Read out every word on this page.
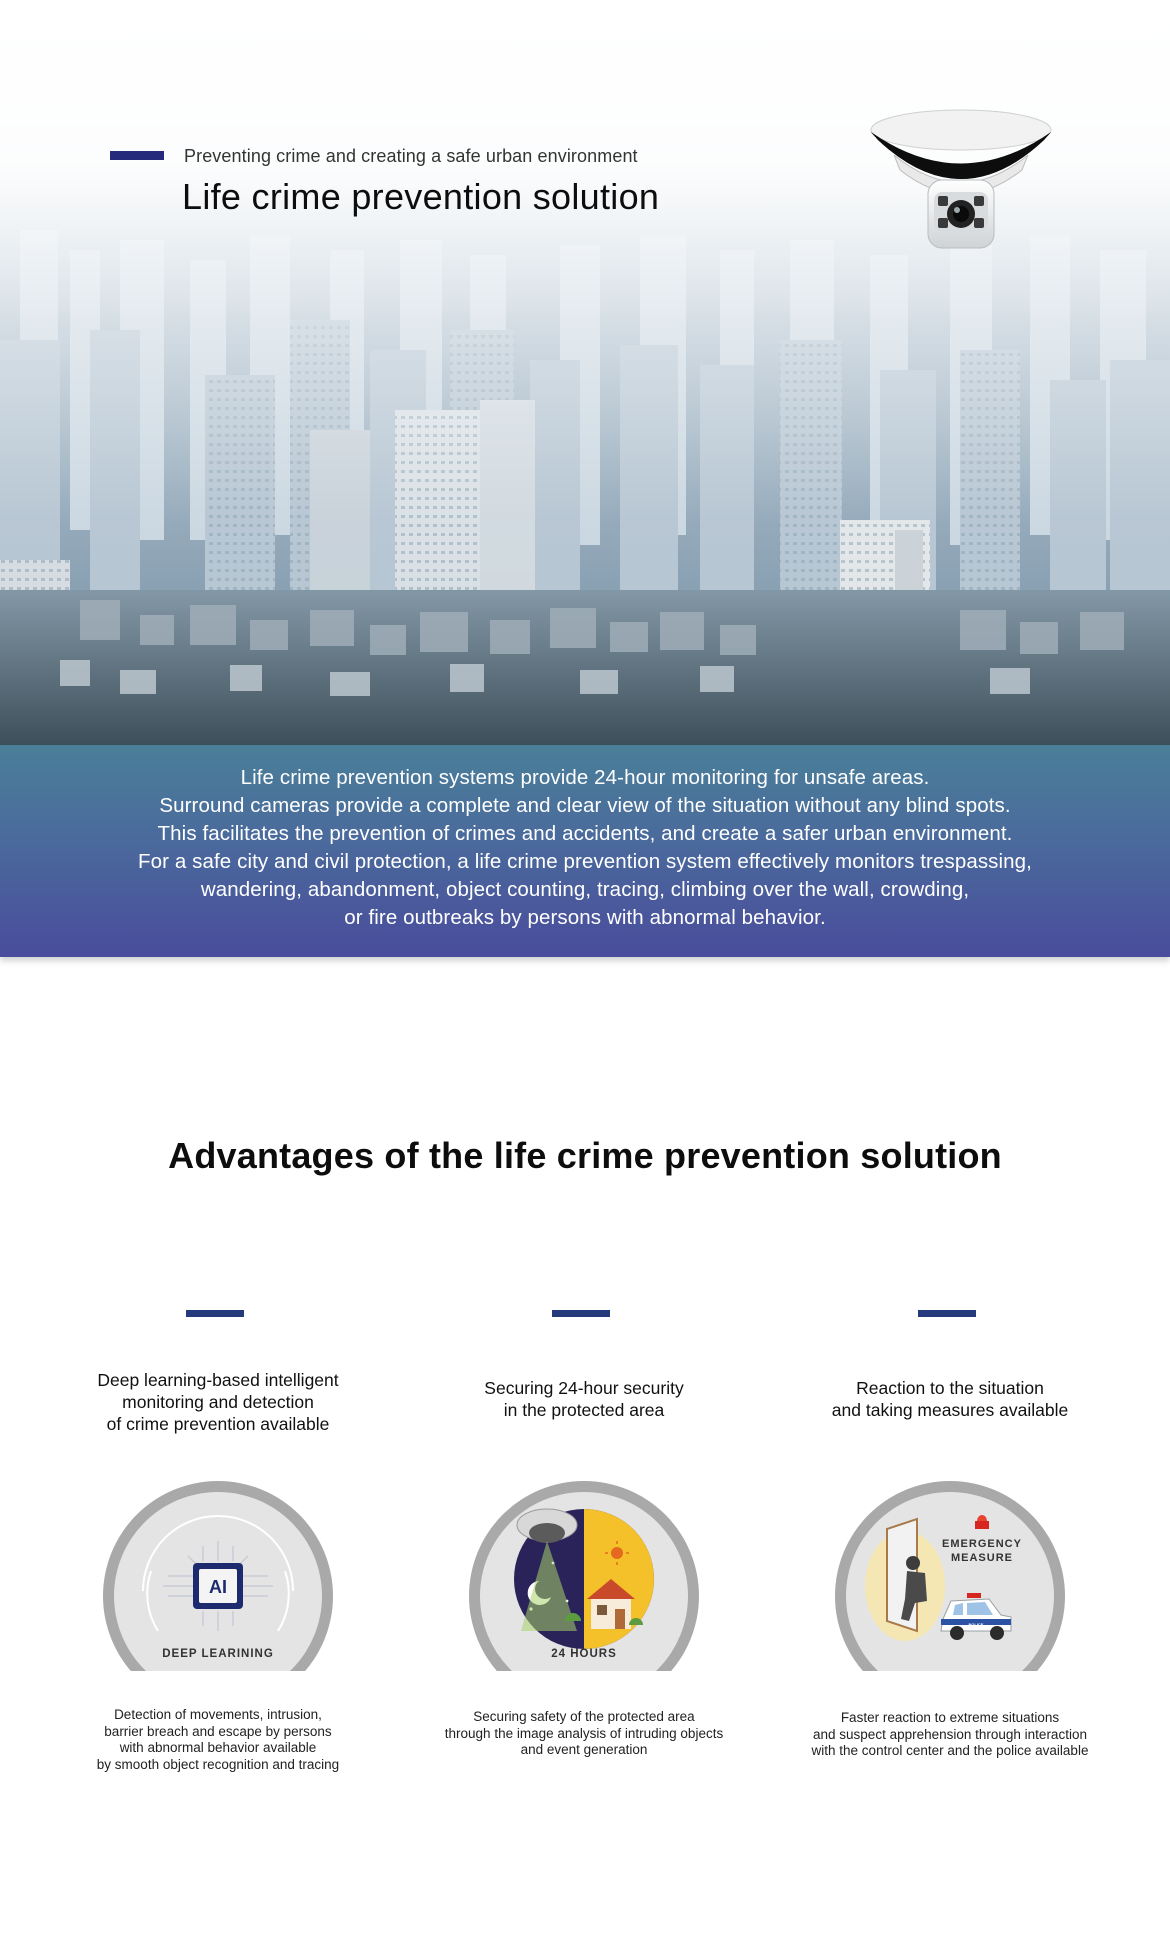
Preventing crime and creating a safe urban environment
Life crime prevention solution
Life crime prevention systems provide 24-hour monitoring for unsafe areas.
Surround cameras provide a complete and clear view of the situation without any blind spots.
This facilitates the prevention of crimes and accidents, and create a safer urban environment.
For a safe city and civil protection, a life crime prevention system effectively monitors trespassing,
wandering, abandonment, object counting, tracing, climbing over the wall, crowding,
or fire outbreaks by persons with abnormal behavior.
Advantages of the life crime prevention solution
Deep learning-based intelligent
monitoring and detection
of crime prevention available
AI
DEEP LEARINING
Detection of movements, intrusion,
barrier breach and escape by persons
with abnormal behavior available
by smooth object recognition and tracing
Securing 24-hour security
in the protected area
24 HOURS
Securing safety of the protected area
through the image analysis of intruding objects
and event generation
Reaction to the situation
and taking measures available
EMERGENCY
MEASURE
POLICE
Faster reaction to extreme situations
and suspect apprehension through interaction
with the control center and the police available
